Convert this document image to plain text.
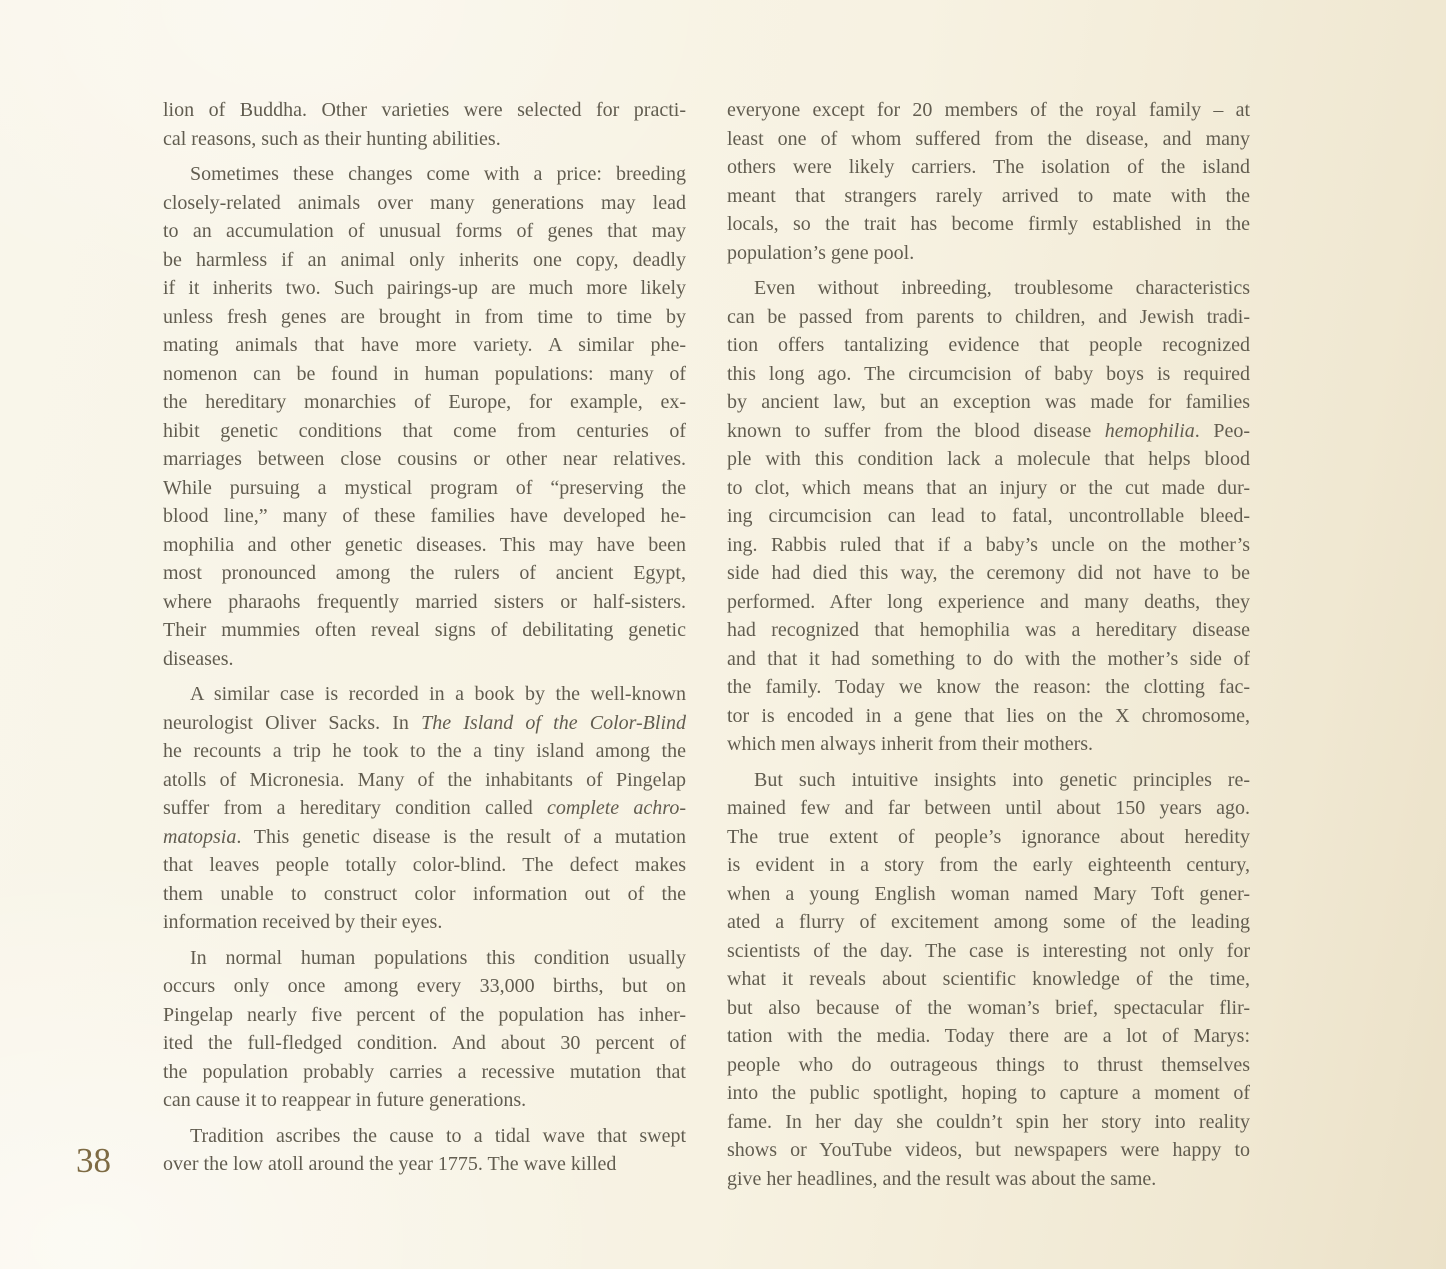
38
lion of Buddha. Other varieties were selected for practi-
cal reasons, such as their hunting abilities.
Sometimes these changes come with a price: breeding
closely-related animals over many generations may lead
to an accumulation of unusual forms of genes that may
be harmless if an animal only inherits one copy, deadly
if it inherits two. Such pairings-up are much more likely
unless fresh genes are brought in from time to time by
mating animals that have more variety. A similar phe-
nomenon can be found in human populations: many of
the hereditary monarchies of Europe, for example, ex-
hibit genetic conditions that come from centuries of
marriages between close cousins or other near relatives.
While pursuing a mystical program of “preserving the
blood line,” many of these families have developed he-
mophilia and other genetic diseases. This may have been
most pronounced among the rulers of ancient Egypt,
where pharaohs frequently married sisters or half-sisters.
Their mummies often reveal signs of debilitating genetic
diseases.
A similar case is recorded in a book by the well-known
neurologist Oliver Sacks. In The Island of the Color-Blind
he recounts a trip he took to the a tiny island among the
atolls of Micronesia. Many of the inhabitants of Pingelap
suffer from a hereditary condition called complete achro-
matopsia. This genetic disease is the result of a mutation
that leaves people totally color-blind. The defect makes
them unable to construct color information out of the
information received by their eyes.
In normal human populations this condition usually
occurs only once among every 33,000 births, but on
Pingelap nearly five percent of the population has inher-
ited the full-fledged condition. And about 30 percent of
the population probably carries a recessive mutation that
can cause it to reappear in future generations.
Tradition ascribes the cause to a tidal wave that swept
over the low atoll around the year 1775. The wave killed
everyone except for 20 members of the royal family – at
least one of whom suffered from the disease, and many
others were likely carriers. The isolation of the island
meant that strangers rarely arrived to mate with the
locals, so the trait has become firmly established in the
population’s gene pool.
Even without inbreeding, troublesome characteristics
can be passed from parents to children, and Jewish tradi-
tion offers tantalizing evidence that people recognized
this long ago. The circumcision of baby boys is required
by ancient law, but an exception was made for families
known to suffer from the blood disease hemophilia. Peo-
ple with this condition lack a molecule that helps blood
to clot, which means that an injury or the cut made dur-
ing circumcision can lead to fatal, uncontrollable bleed-
ing. Rabbis ruled that if a baby’s uncle on the mother’s
side had died this way, the ceremony did not have to be
performed. After long experience and many deaths, they
had recognized that hemophilia was a hereditary disease
and that it had something to do with the mother’s side of
the family. Today we know the reason: the clotting fac-
tor is encoded in a gene that lies on the X chromosome,
which men always inherit from their mothers.
But such intuitive insights into genetic principles re-
mained few and far between until about 150 years ago.
The true extent of people’s ignorance about heredity
is evident in a story from the early eighteenth century,
when a young English woman named Mary Toft gener-
ated a flurry of excitement among some of the leading
scientists of the day. The case is interesting not only for
what it reveals about scientific knowledge of the time,
but also because of the woman’s brief, spectacular flir-
tation with the media. Today there are a lot of Marys:
people who do outrageous things to thrust themselves
into the public spotlight, hoping to capture a moment of
fame. In her day she couldn’t spin her story into reality
shows or YouTube videos, but newspapers were happy to
give her headlines, and the result was about the same.
